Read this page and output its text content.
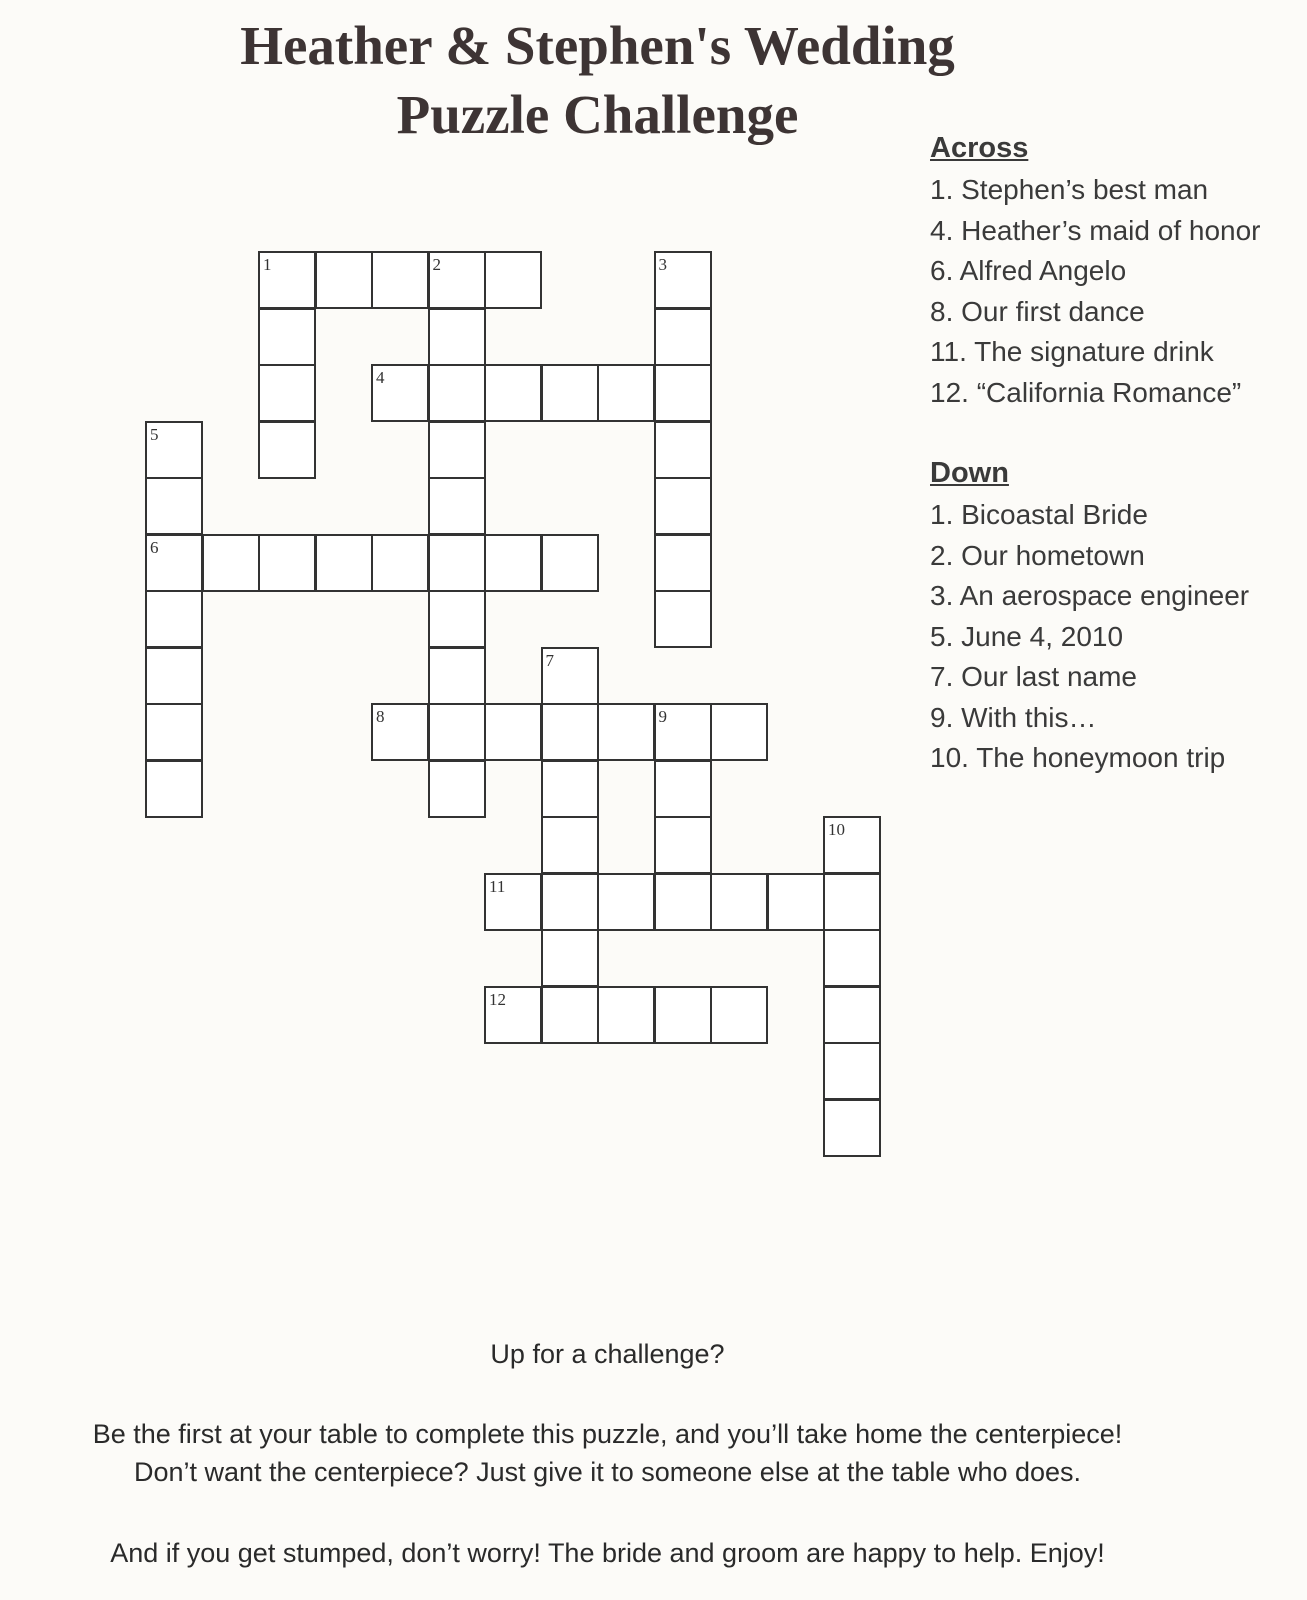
Heather & Stephen's Wedding
Puzzle Challenge
Across
1. Stephen’s best man
4. Heather’s maid of honor
6. Alfred Angelo
8. Our first dance
11. The signature drink
12. “California Romance”
Down
1. Bicoastal Bride
2. Our hometown
3. An aerospace engineer
5. June 4, 2010
7. Our last name
9. With this…
10. The honeymoon trip
1	2	3
4
5
6
7
8	9
10
11
12

Up for a challenge?

Be the first at your table to complete this puzzle, and you’ll take home the centerpiece!

Don’t want the centerpiece? Just give it to someone else at the table who does.

And if you get stumped, don’t worry! The bride and groom are happy to help. Enjoy!
